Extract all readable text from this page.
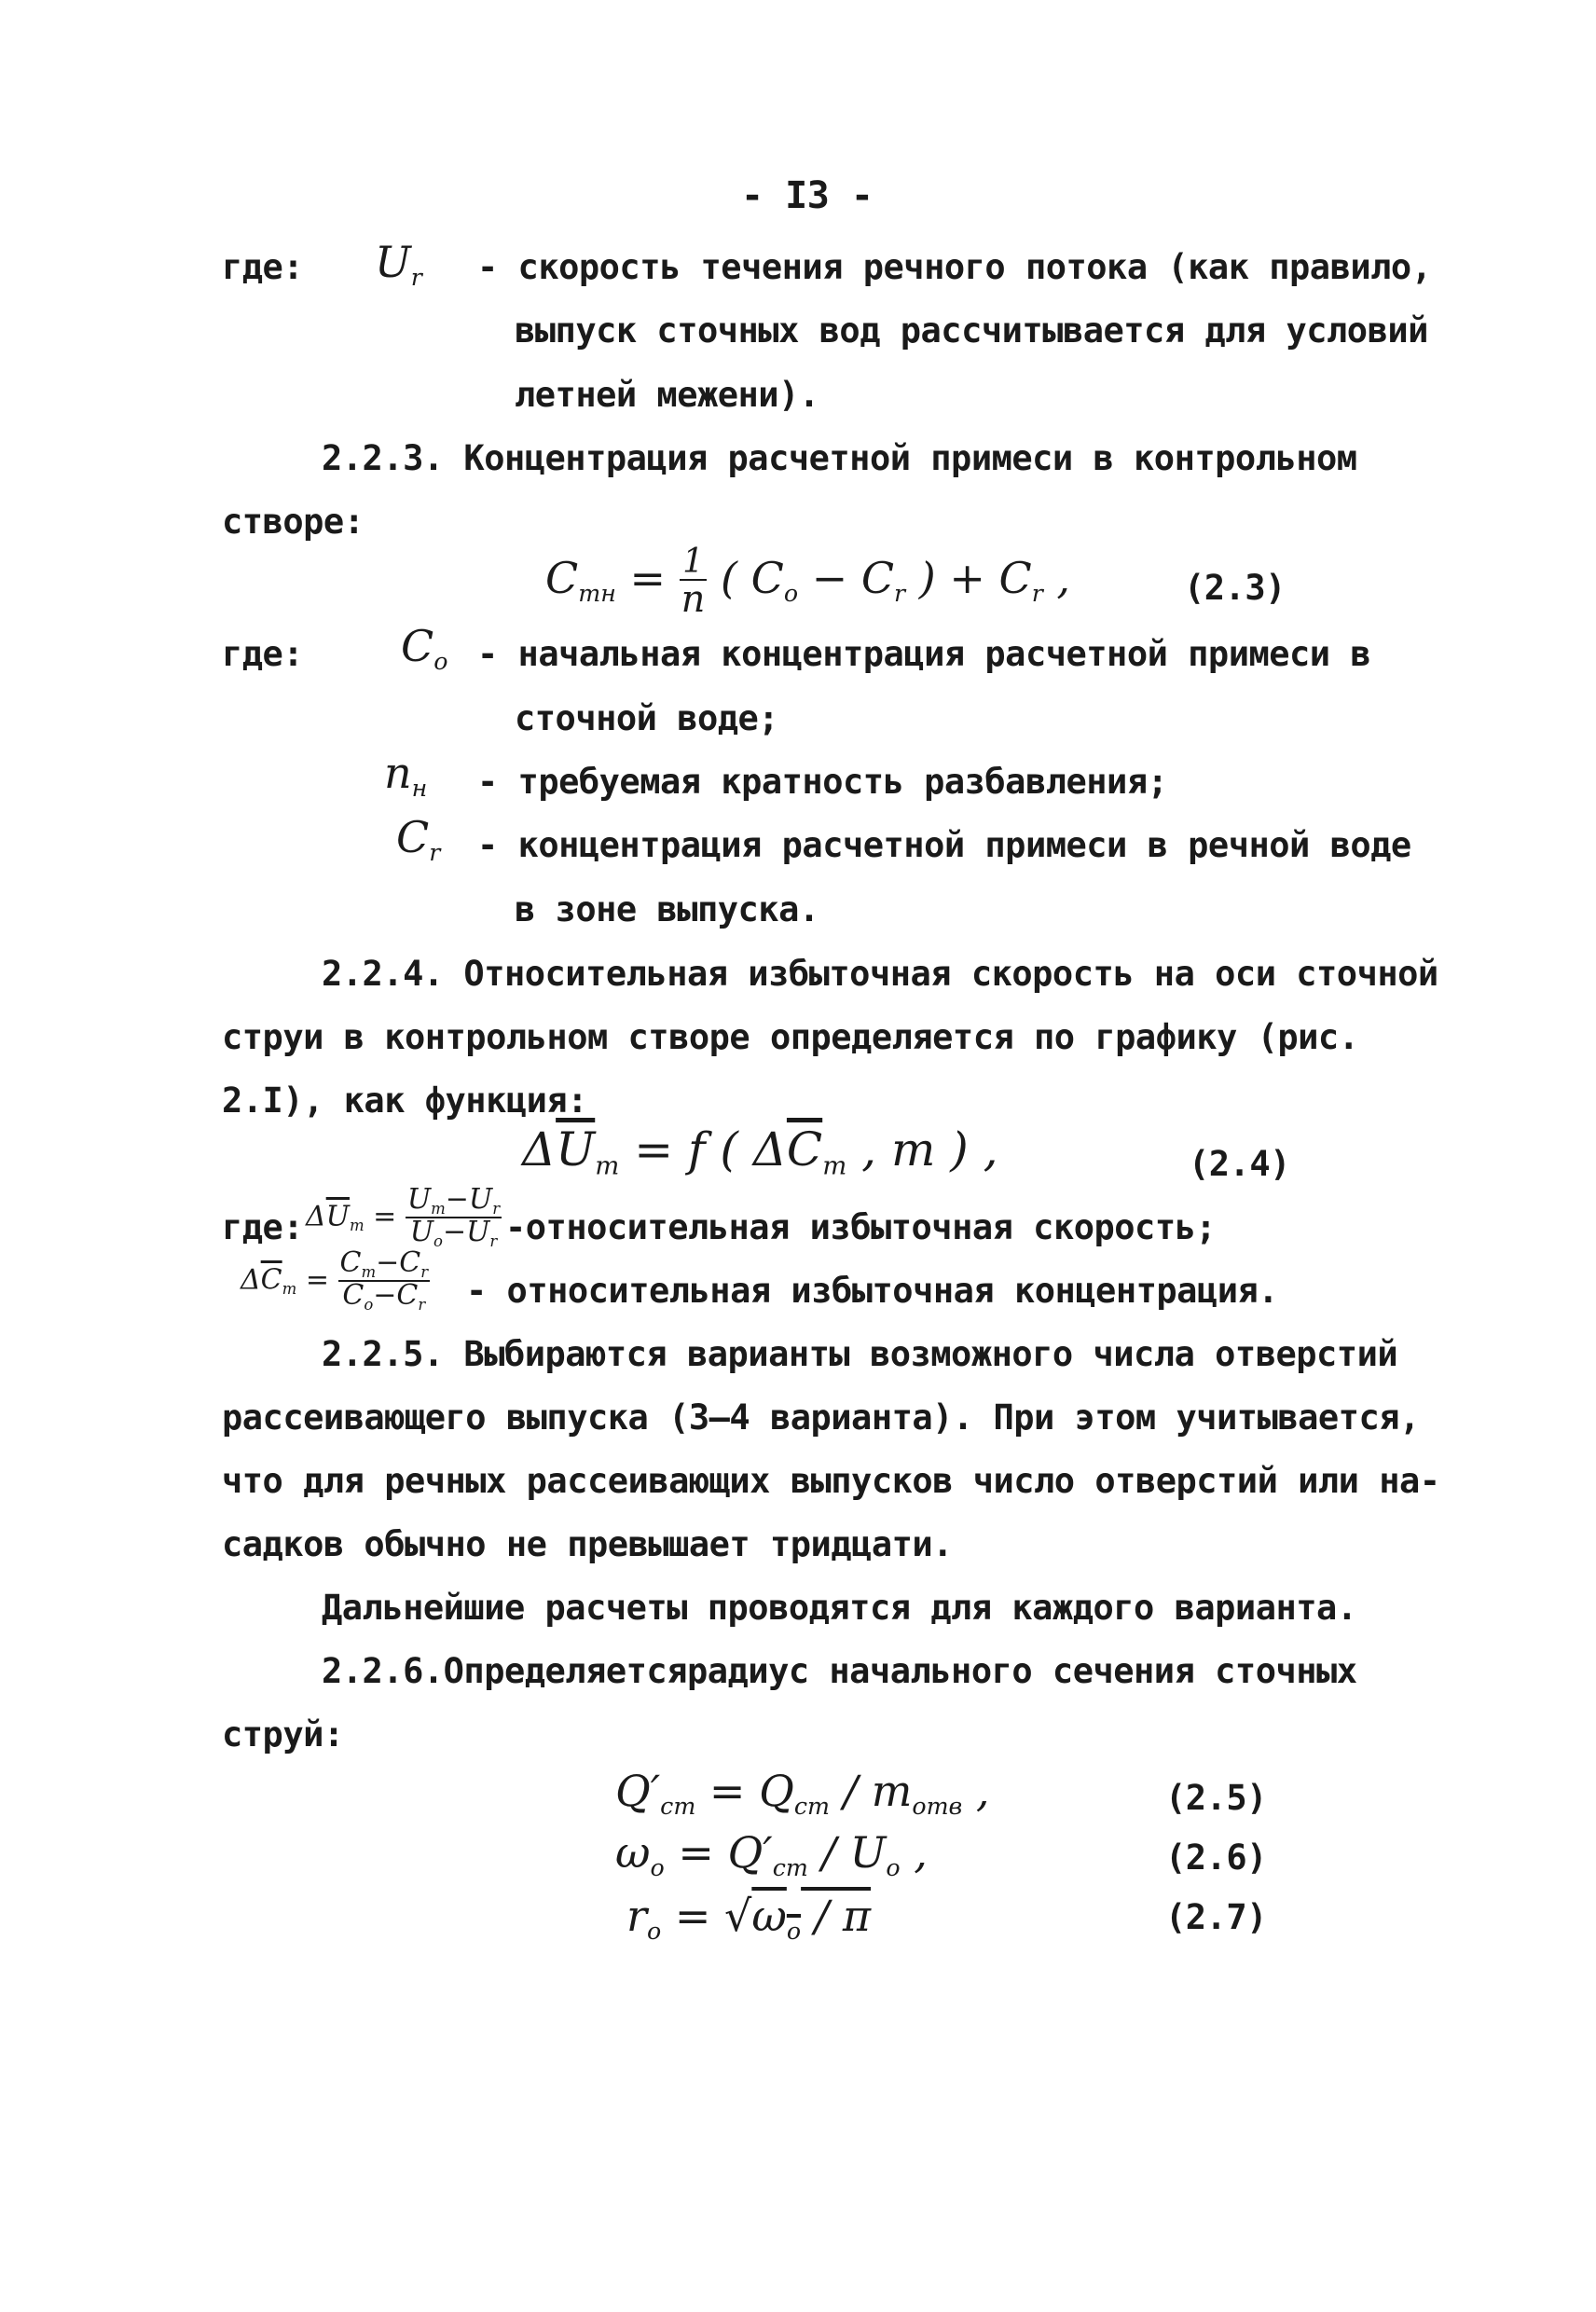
- I3 -
где: $U_r$ - скорость течения речного потока (как правило,
выпуск сточных вод рассчитывается для условий
летней межени).
2.2.3. Концентрация расчетной примеси в контрольном
створе:
$C_{mн} = \frac{1}{n}$ ( $C_o - C_r$ ) + $C_r$ ,	(2.3)
где: $C_o$ - начальная концентрация расчетной примеси в
сточной воде;
$n_н$ - требуемая кратность разбавления;
$C_r$ - концентрация расчетной примеси в речной воде
в зоне выпуска.
2.2.4. Относительная избыточная скорость на оси сточной
струи в контрольном створе определяется по графику (рис.
2.I), как функция:
$\Delta\overline{U}_m = f$ ( $\Delta\overline{C}_m$ , m ) ,	(2.4)
где: $\Delta\overline{U}_m = \frac{U_m-U_r}{U_o-U_r}$ -относительная избыточная скорость;
$\Delta\overline{C}_m = \frac{C_m-C_r}{C_o-C_r}$ - относительная избыточная концентрация.
2.2.5. Выбираются варианты возможного числа отверстий
рассеивающего выпуска (3–4 варианта). При этом учитывается,
что для речных рассеивающих выпусков число отверстий или на-
садков обычно не превышает тридцати.
Дальнейшие расчеты проводятся для каждого варианта.
2.2.6.Определяетсярадиус начального сечения сточных
струй:
$Q'_{cm} = Q_{cm} / m_{omв}$ ,	(2.5)
$\omega_o = Q'_{cm} / U_o$ ,	(2.6)
$r_o = √\omega_o / \pi$	(2.7)
